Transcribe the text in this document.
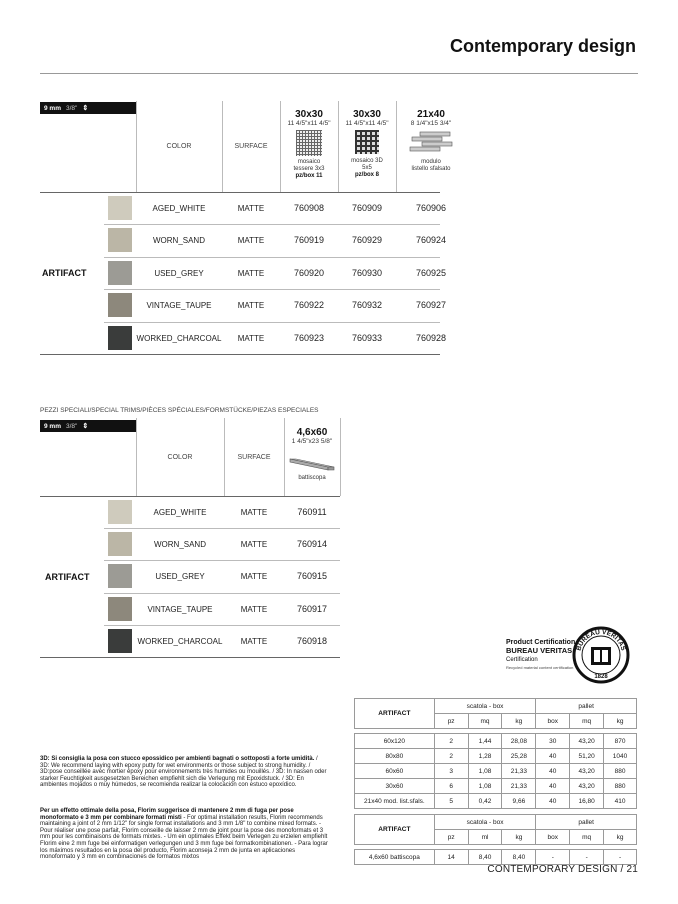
Contemporary design
9 mm 3/8" ⇕
COLOR	SURFACE
30x30
11 4/5"x11 4/5"
mosaico
tessere 3x3
pz/box 11
30x30
11 4/5"x11 4/5"
mosaico 3D
5x5
pz/box 8
21x40
8 1/4"x15 3/4"
modulo
listello sfalsato
ARTIFACT
AGED_WHITE	MATTE	760908	760909	760906
WORN_SAND	MATTE	760919	760929	760924
USED_GREY	MATTE	760920	760930	760925
VINTAGE_TAUPE	MATTE	760922	760932	760927
WORKED_CHARCOAL	MATTE	760923	760933	760928
PEZZI SPECIALI/SPECIAL TRIMS/PIÈCES SPÉCIALES/FORMSTÜCKE/PIEZAS ESPECIALES
9 mm 3/8" ⇕
COLOR	SURFACE
4,6x60
1 4/5"x23 5/8"
battiscopa
ARTIFACT
AGED_WHITE	MATTE	760911
WORN_SAND	MATTE	760914
USED_GREY	MATTE	760915
VINTAGE_TAUPE	MATTE	760917
WORKED_CHARCOAL	MATTE	760918	Product Certification
BUREAU VERITAS
Certification
Recycled material content certification
BUREAU VERITAS
1828
ARTIFACT	scatola - box			pallet		
	pz	mq	kg	box	mq	kg

60x120	2	1,44	28,08	30	43,20	870
80x80	2	1,28	25,28	40	51,20	1040
60x60	3	1,08	21,33	40	43,20	880
30x60	6	1,08	21,33	40	43,20	880
21x40 mod. list.sfals.	5	0,42	9,66	40	16,80	410
ARTIFACT	scatola - box			pallet		
	pz	ml	kg	box	mq	kg

4,6x60 battiscopa	14	8,40	8,40	-	-	-
3D: Si consiglia la posa con stucco epossidico per ambienti bagnati o sottoposti a forte umidità. / 3D: We recommend laying with epoxy putty for wet environments or those subject to strong humidity. / 3D:pose conseillée avec mortier époxy pour environnements très humides ou mouillés. / 3D: In nassen oder starker Feuchtigkeit ausgesetzten Bereichen empfiehlt sich die Verlegung mit Epoxidstuck. / 3D: En ambientes mojados o muy húmedos, se recomienda realizar la colocación con estuco epoxídico.
Per un effetto ottimale della posa, Florim suggerisce di mantenere 2 mm di fuga per pose monoformato e 3 mm per combinare formati misti - For optimal installation results, Florim recommends maintaining a joint of 2 mm 1/12" for single format installations and 3 mm 1/8" to combine mixed formats. - Pour réaliser une pose parfait, Florim conseille de laisser 2 mm de joint pour la pose des monoformats et 3 mm pour les combinaisons de formats mixtes. - Um ein optimales Effekt beim Verlegen zu erzielen empfiehlt Florim eine 2 mm fuge bei einformatigen verlegungen und 3 mm fuge bei formatkombinationen. - Para lograr los máximos resultados en la posa del producto, Florim aconseja 2 mm de junta en aplicaciones monoformato y 3 mm en combinaciones de formatos mixtos
CONTEMPORARY DESIGN / 21
